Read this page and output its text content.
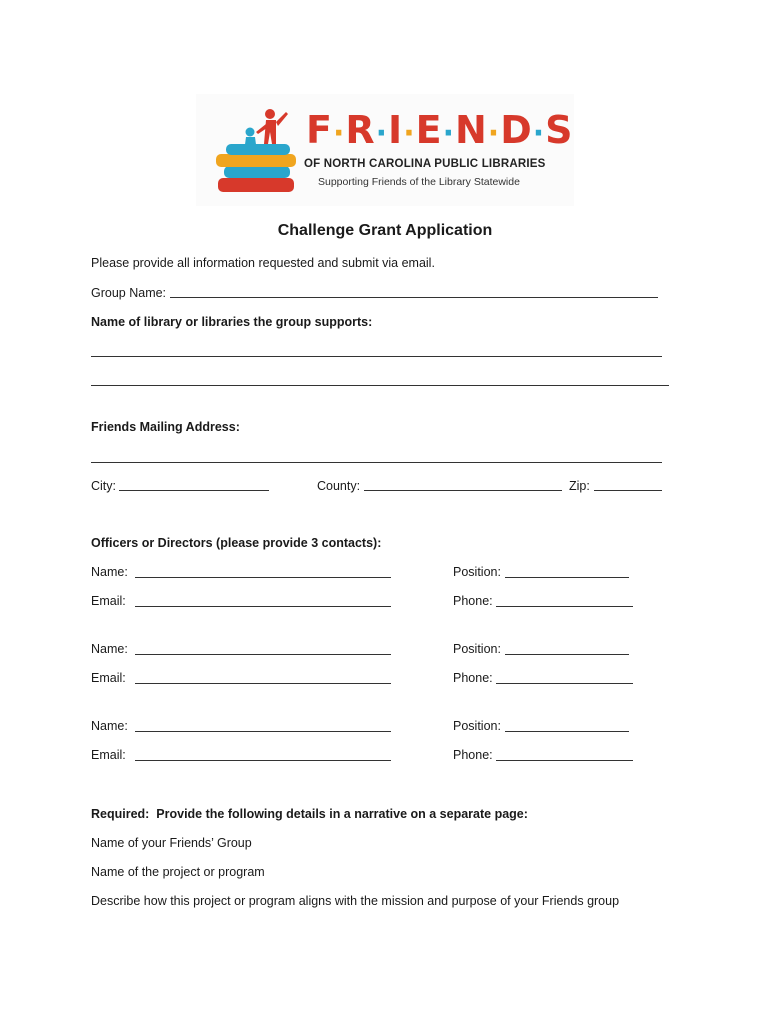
F·R·I·E·N·D·S
OF NORTH CAROLINA PUBLIC LIBRARIES
Supporting Friends of the Library Statewide
Challenge Grant Application
Please provide all information requested and submit via email.
Group Name:
Name of library or libraries the group supports:
Friends Mailing Address:
City:	County:	Zip:
Officers or Directors (please provide 3 contacts):
Name:	Position:
Email:	Phone:
Name:	Position:
Email:	Phone:
Name:	Position:
Email:	Phone:
Required:  Provide the following details in a narrative on a separate page:
Name of your Friends’ Group
Name of the project or program
Describe how this project or program aligns with the mission and purpose of your Friends group
